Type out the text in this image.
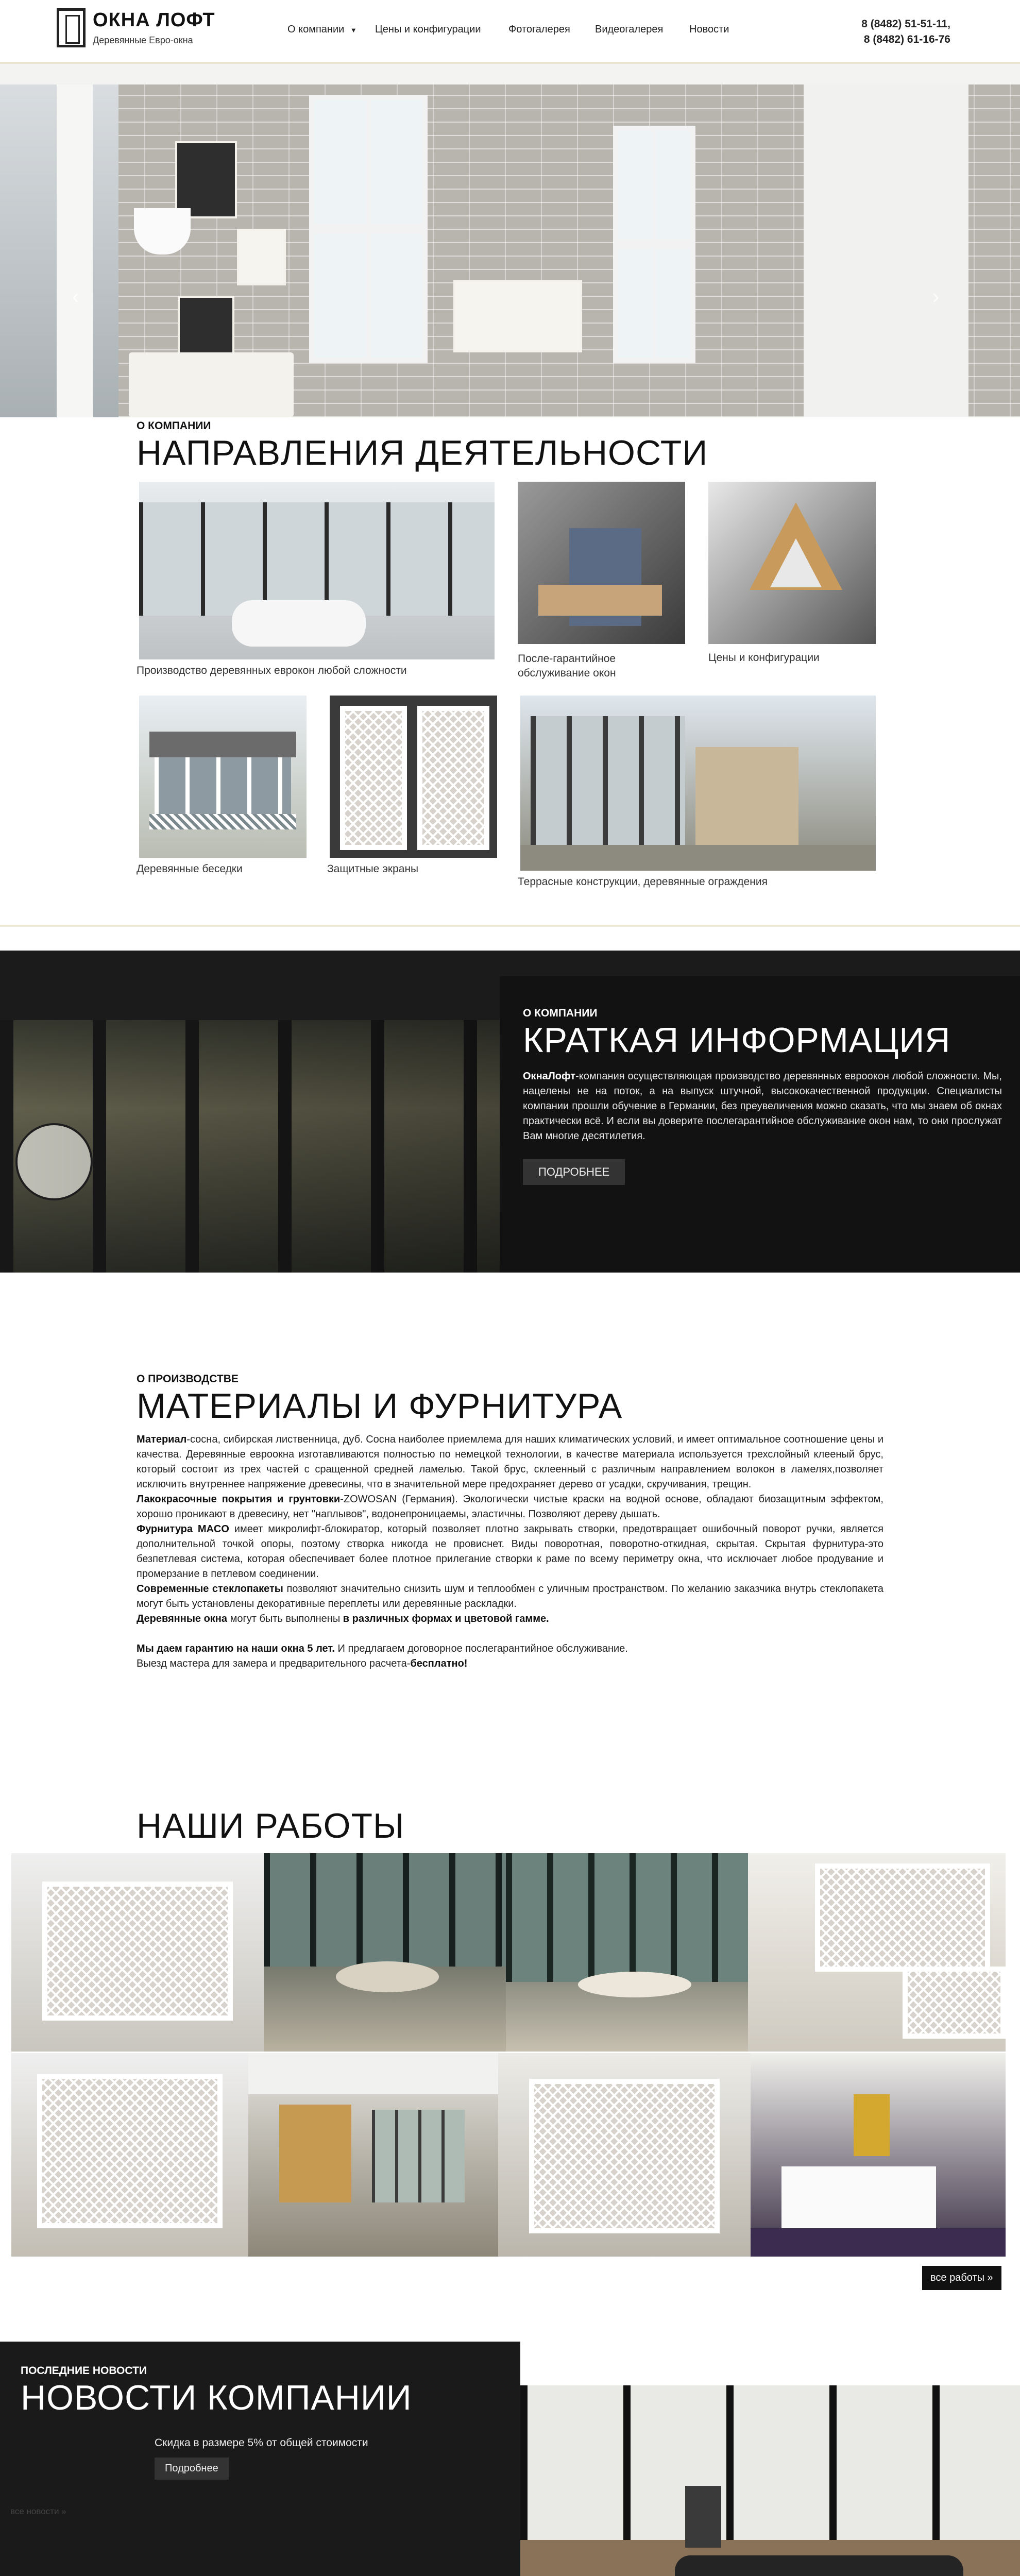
ОКНА ЛОФТ
Деревянные Евро-окна
О компании ▼ Цены и конфигурации	Фотогалерея Видеогалерея	Новости	8 (8482) 51-51-11,
8 (8482) 61-16-76
‹	›
О КОМПАНИИ
НАПРАВЛЕНИЯ ДЕЯТЕЛЬНОСТИ
Производство деревянных еврокон любой сложности
После-гарантийное обслуживание окон
Цены и конфигурации
Деревянные беседки	Защитные экраны
Террасные конструкции, деревянные ограждения
О КОМПАНИИ
КРАТКАЯ ИНФОРМАЦИЯ
ОкнаЛофт-компания осуществляющая производство деревянных евроокон любой сложности. Мы, нацелены не на поток, а на выпуск штучной, высококачественной продукции. Специалисты компании прошли обучение в Германии, без преувеличения можно сказать, что мы знаем об окнах практически всё. И если вы доверите послегарантийное обслуживание окон нам, то они прослужат Вам многие десятилетия.
ПОДРОБНЕЕ
О ПРОИЗВОДСТВЕ
МАТЕРИАЛЫ И ФУРНИТУРА

Материал-сосна, сибирская лиственница, дуб. Сосна наиболее приемлема для наших климатических условий, и имеет оптимальное соотношение цены и качества. Деревянные евроокна изготавливаются полностью по немецкой технологии, в качестве материала используется трехслойный клееный брус, который состоит из трех частей с сращенной средней ламелью. Такой брус, склеенный с различным направлением волокон в ламелях,позволяет исключить внутреннее напряжение древесины, что в значительной мере предохраняет дерево от усадки, скручивания, трещин.

Лакокрасочные покрытия и грунтовки-ZOWOSAN (Германия). Экологически чистые краски на водной основе, обладают биозащитным эффектом, хорошо проникают в древесину, нет "наплывов", водонепроницаемы, эластичны. Позволяют дереву дышать.

Фурнитура MACO имеет микролифт-блокиратор, который позволяет плотно закрывать створки, предотвращает ошибочный поворот ручки, является дополнительной точкой опоры, поэтому створка никогда не провиснет. Виды поворотная, поворотно-откидная, скрытая. Скрытая фурнитура-это безпетлевая система, которая обеспечивает более плотное прилегание створки к раме по всему периметру окна, что исключает любое продувание и промерзание в петлевом соединении.

Современные стеклопакеты позволяют значительно снизить шум и теплообмен с уличным пространством. По желанию заказчика внутрь стеклопакета могут быть установлены декоративные переплеты или деревянные раскладки.

Деревянные окна могут быть выполнены в различных формах и цветовой гамме.

Мы даем гарантию на наши окна 5 лет. И предлагаем договорное послегарантийное обслуживание.

Выезд мастера для замера и предварительного расчета-бесплатно!

НАШИ РАБОТЫ
все работы »
ПОСЛЕДНИЕ НОВОСТИ
НОВОСТИ КОМПАНИИ
Скидка в размере 5% от общей стоимости
Подробнее
все новости »
